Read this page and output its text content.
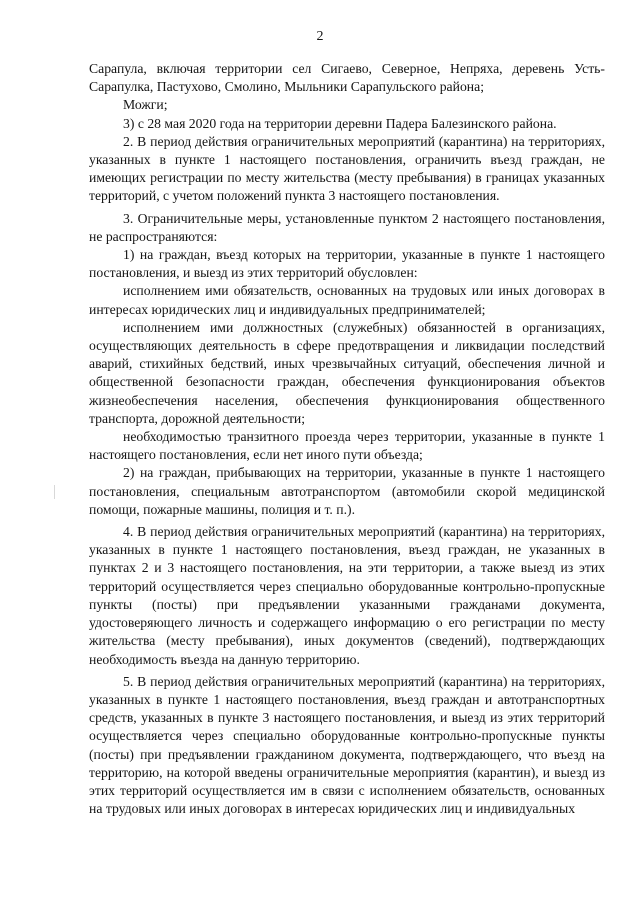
2

Сарапула, включая территории сел Сигаево, Северное, Непряха, деревень Усть-Сарапулка, Пастухово, Смолино, Мыльники Сарапульского района;

Можги;

3) с 28 мая 2020 года на территории деревни Падера Балезинского района.

2. В период действия ограничительных мероприятий (карантина) на территориях, указанных в пункте 1 настоящего постановления, ограничить въезд граждан, не имеющих регистрации по месту жительства (месту пребывания) в границах указанных территорий, с учетом положений пункта 3 настоящего постановления.

3. Ограничительные меры, установленные пунктом 2 настоящего постановления, не распространяются:

1) на граждан, въезд которых на территории, указанные в пункте 1 настоящего постановления, и выезд из этих территорий обусловлен:

исполнением ими обязательств, основанных на трудовых или иных договорах в интересах юридических лиц и индивидуальных предпринимателей;

исполнением ими должностных (служебных) обязанностей в организациях, осуществляющих деятельность в сфере предотвращения и ликвидации последствий аварий, стихийных бедствий, иных чрезвычайных ситуаций, обеспечения личной и общественной безопасности граждан, обеспечения функционирования объектов жизнеобеспечения населения, обеспечения функционирования общественного транспорта, дорожной деятельности;

необходимостью транзитного проезда через территории, указанные в пункте 1 настоящего постановления, если нет иного пути объезда;

2) на граждан, прибывающих на территории, указанные в пункте 1 настоящего постановления, специальным автотранспортом (автомобили скорой медицинской помощи, пожарные машины, полиция и т. п.).

4. В период действия ограничительных мероприятий (карантина) на территориях, указанных в пункте 1 настоящего постановления, въезд граждан, не указанных в пунктах 2 и 3 настоящего постановления, на эти территории, а также выезд из этих территорий осуществляется через специально оборудованные контрольно-пропускные пункты (посты) при предъявлении указанными гражданами документа, удостоверяющего личность и содержащего информацию о его регистрации по месту жительства (месту пребывания), иных документов (сведений), подтверждающих необходимость въезда на данную территорию.

5. В период действия ограничительных мероприятий (карантина) на территориях, указанных в пункте 1 настоящего постановления, въезд граждан и автотранспортных средств, указанных в пункте 3 настоящего постановления, и выезд из этих территорий осуществляется через специально оборудованные контрольно-пропускные пункты (посты) при предъявлении гражданином документа, подтверждающего, что въезд на территорию, на которой введены ограничительные мероприятия (карантин), и выезд из этих территорий осуществляется им в связи с исполнением обязательств, основанных на трудовых или иных договорах в интересах юридических лиц и индивидуальных
